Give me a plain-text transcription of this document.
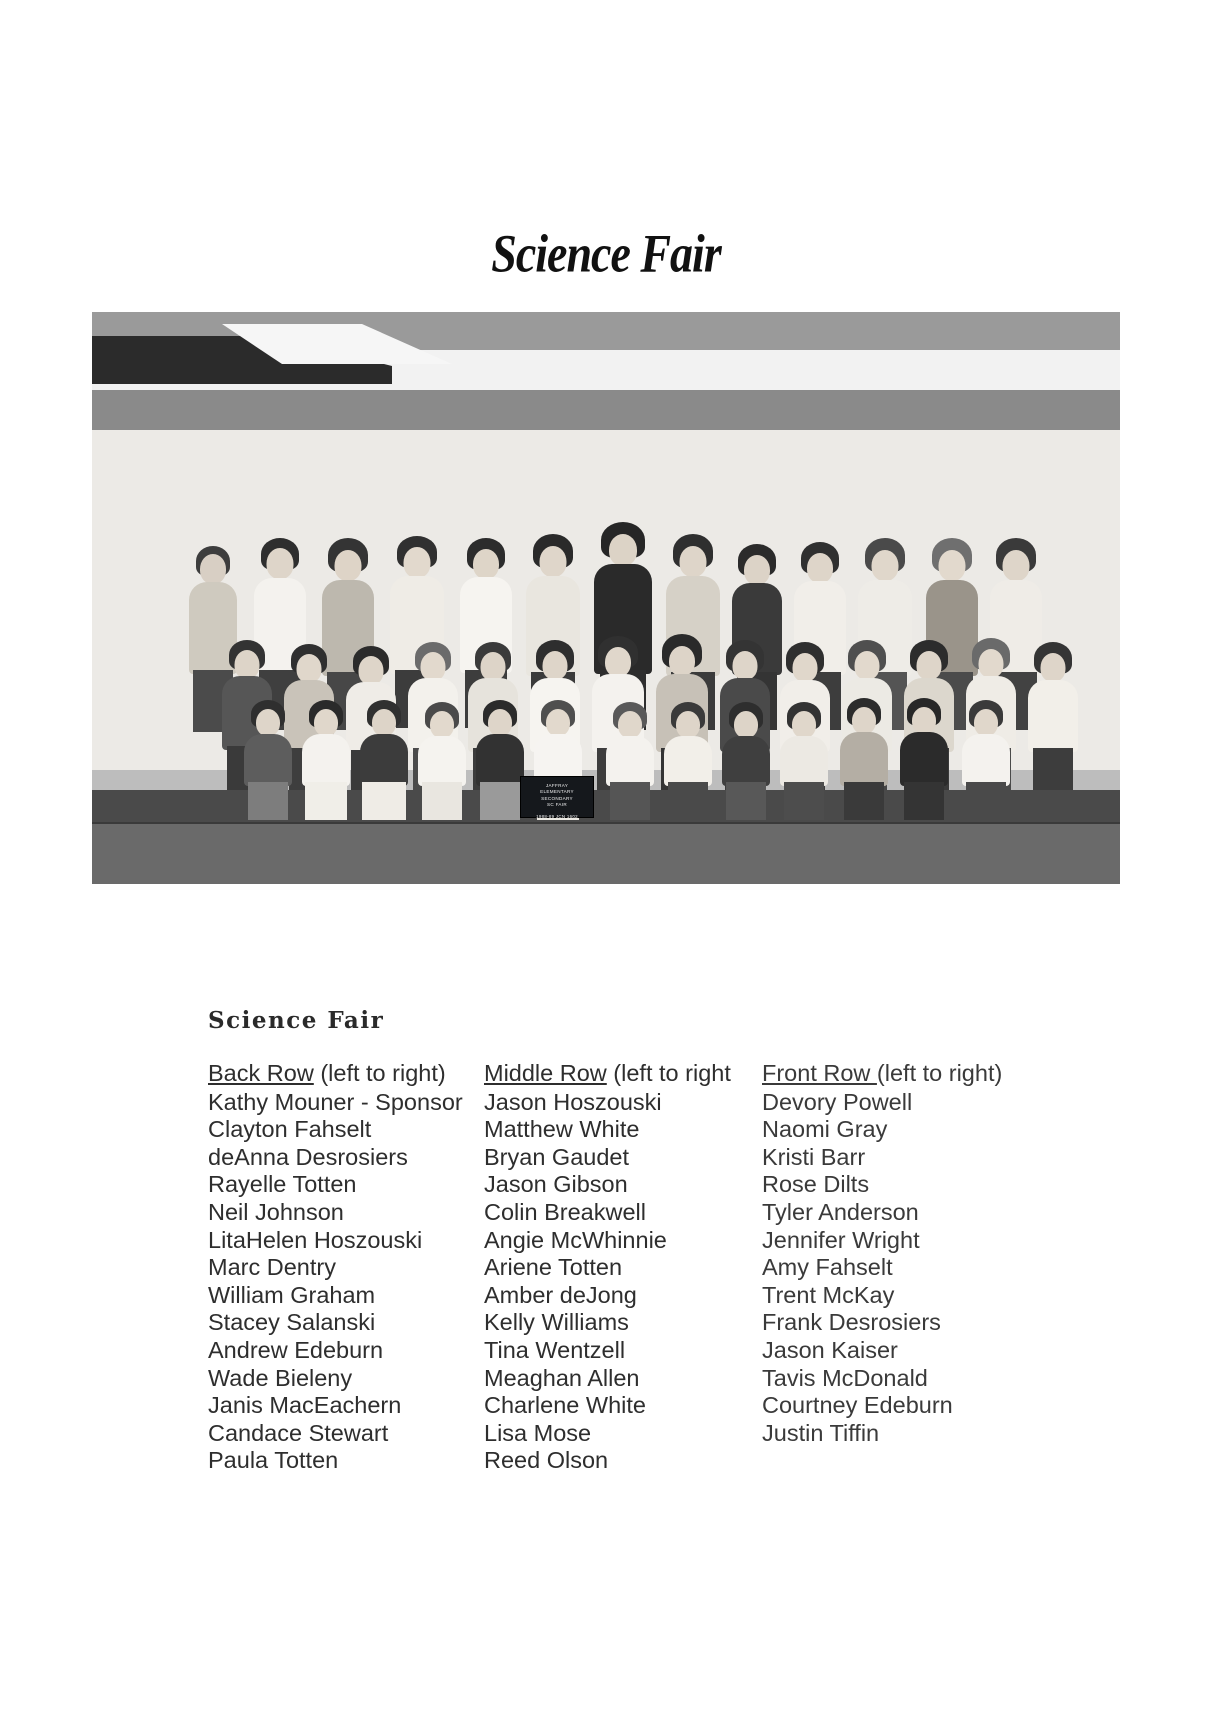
Science Fair
JAFFRAY
ELEMENTARY
SECONDARY
SC FAIR
1988-89 JCN 1602
Science Fair
Back Row (left to right)
Kathy Mouner - Sponsor
Clayton Fahselt
deAnna Desrosiers
Rayelle Totten
Neil Johnson
LitaHelen Hoszouski
Marc Dentry
William Graham
Stacey Salanski
Andrew Edeburn
Wade Bieleny
Janis MacEachern
Candace Stewart
Paula Totten
Middle Row (left to right
Jason Hoszouski
Matthew White
Bryan Gaudet
Jason Gibson
Colin Breakwell
Angie McWhinnie
Ariene Totten
Amber deJong
Kelly Williams
Tina Wentzell
Meaghan Allen
Charlene White
Lisa Mose
Reed Olson
Front Row (left to right)
Devory Powell
Naomi Gray
Kristi Barr
Rose Dilts
Tyler Anderson
Jennifer Wright
Amy Fahselt
Trent McKay
Frank Desrosiers
Jason Kaiser
Tavis McDonald
Courtney Edeburn
Justin Tiffin
